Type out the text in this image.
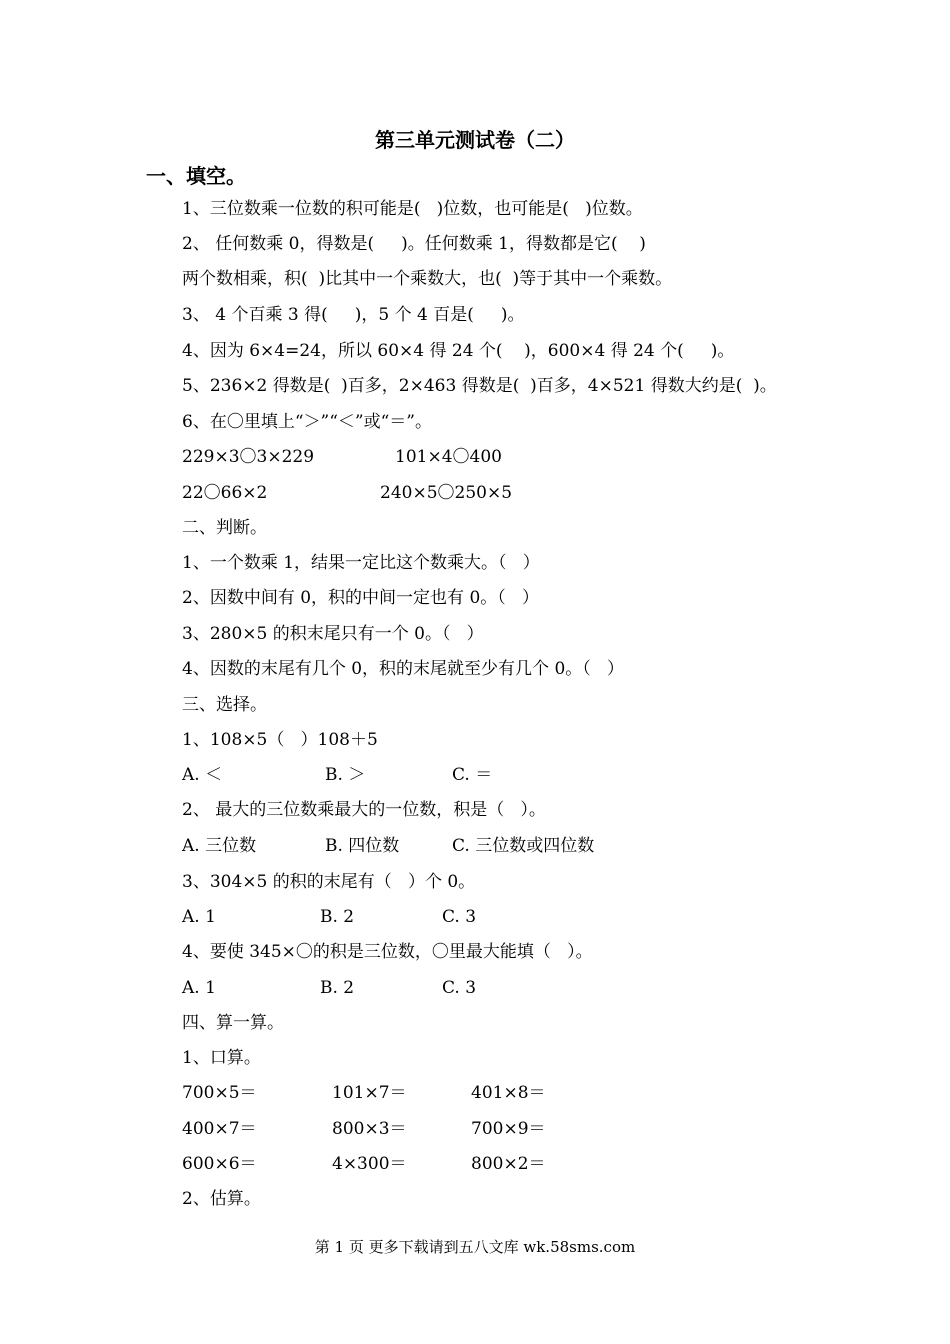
第三单元测试卷（二）
一、填空。
1、三位数乘一位数的积可能是(   )位数，也可能是(   )位数。
2、 任何数乘 0，得数是(     )。任何数乘 1，得数都是它(    )
两个数相乘，积(  )比其中一个乘数大，也(  )等于其中一个乘数。
3、 4 个百乘 3 得(     )，5 个 4 百是(     )。
4、因为 6×4=24，所以 60×4 得 24 个(    )，600×4 得 24 个(     )。
5、236×2 得数是(  )百多，2×463 得数是(  )百多，4×521 得数大约是(  )。
6、在〇里填上“＞”“＜”或“＝”。
229×3〇3×229	101×4〇400
22〇66×2	240×5〇250×5
二、判断。
1、一个数乘 1，结果一定比这个数乘大。（   ）
2、因数中间有 0，积的中间一定也有 0。（   ）
3、280×5 的积末尾只有一个 0。（   ）
4、因数的末尾有几个 0，积的末尾就至少有几个 0。（   ）
三、选择。
1、108×5（   ）108＋5
A. ＜	B. ＞	C. ＝
2、 最大的三位数乘最大的一位数，积是（   ）。
A. 三位数	B. 四位数	C. 三位数或四位数
3、304×5 的积的末尾有（   ）个 0。
A. 1	B. 2	C. 3
4、要使 345×〇的积是三位数，〇里最大能填（   ）。
A. 1	B. 2	C. 3
四、算一算。
1、口算。
700×5＝	101×7＝	401×8＝
400×7＝	800×3＝	700×9＝
600×6＝	4×300＝	800×2＝
2、估算。
第 1 页 更多下载请到五八文库 wk.58sms.com
